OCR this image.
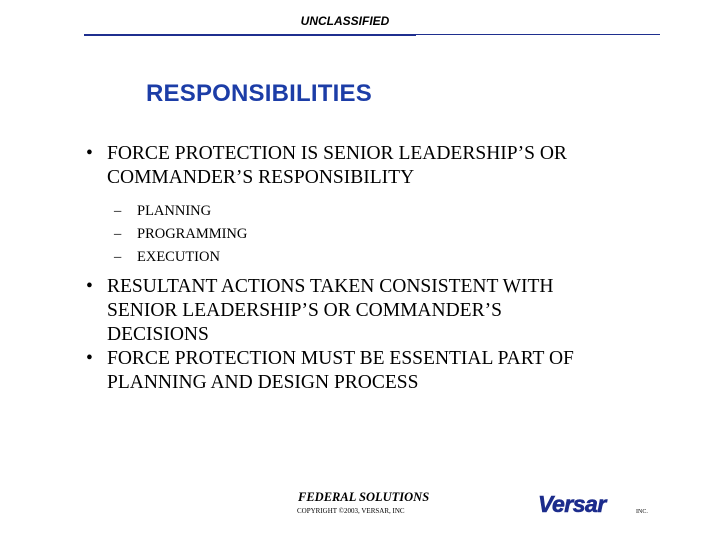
UNCLASSIFIED
RESPONSIBILITIES
• FORCE PROTECTION IS SENIOR LEADERSHIP’S OR
COMMANDER’S RESPONSIBILITY
– PLANNING
– PROGRAMMING
– EXECUTION
• RESULTANT ACTIONS TAKEN CONSISTENT WITH
SENIOR LEADERSHIP’S OR COMMANDER’S
DECISIONS
• FORCE PROTECTION MUST BE ESSENTIAL PART OF
PLANNING AND DESIGN PROCESS
FEDERAL SOLUTIONS
COPYRIGHT ©2003, VERSAR, INC	Versar	INC.
